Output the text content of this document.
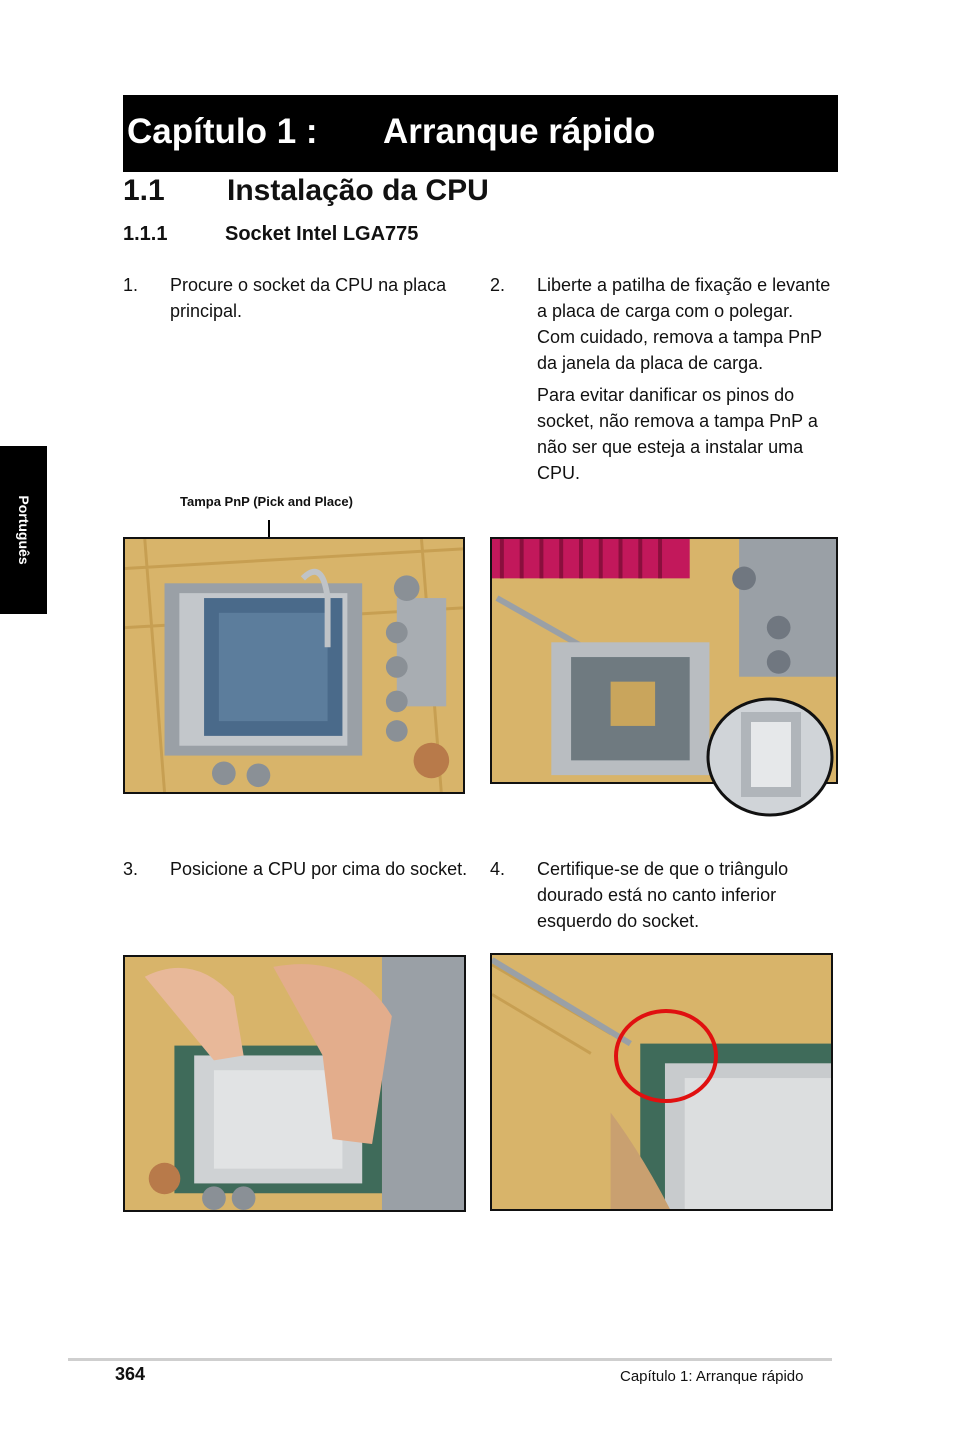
Capítulo 1 : Arranque rápido
1.1 Instalação da CPU
1.1.1	Socket Intel LGA775
Português
1. Procure o socket da CPU na placa principal.

2. Liberte a patilha de fixação e levante a placa de carga com o polegar. Com cuidado, remova a tampa PnP da janela da placa de carga.

Para evitar danificar os pinos do socket, não remova a tampa PnP a não ser que esteja a instalar uma CPU.

Tampa PnP (Pick and Place)
3. Posicione a CPU por cima do socket.	4. Certifique-se de que o triângulo dourado está no canto inferior esquerdo do socket.

364	Capítulo 1: Arranque rápido
